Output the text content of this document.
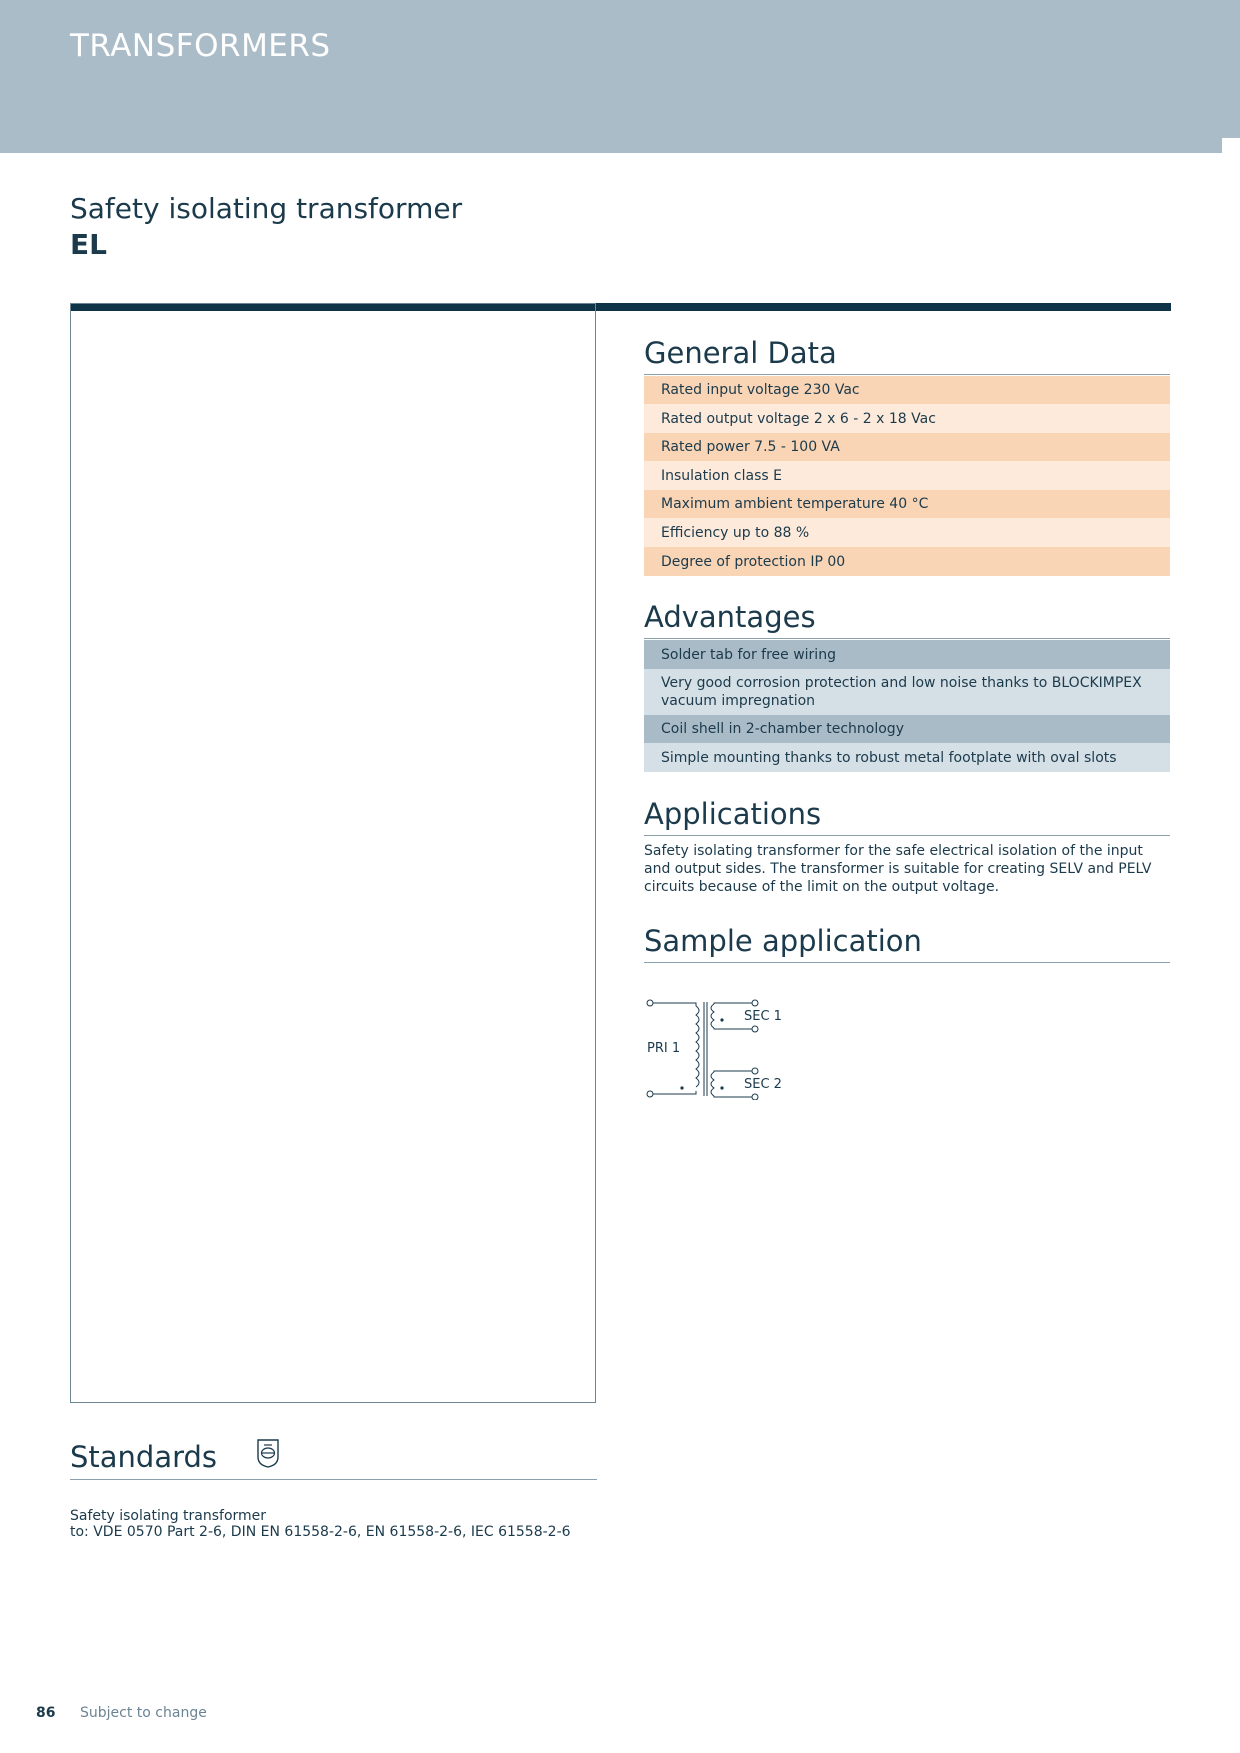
TRANSFORMERS
Safety isolating transformer
EL
General Data
Rated input voltage 230 Vac
Rated output voltage 2 x 6 - 2 x 18 Vac
Rated power 7.5 - 100 VA
Insulation class E
Maximum ambient temperature 40 °C
Efficiency up to 88 %
Degree of protection IP 00
Advantages
Solder tab for free wiring
Very good corrosion protection and low noise thanks to BLOCKIMPEX vacuum impregnation
Coil shell in 2-chamber technology
Simple mounting thanks to robust metal footplate with oval slots
Applications
Safety isolating transformer for the safe electrical isolation of the input and output sides. The transformer is suitable for creating SELV and PELV circuits because of the limit on the output voltage.
Sample application
PRI 1
SEC 1
SEC 2
Standards
Safety isolating transformer
to: VDE 0570 Part 2-6, DIN EN 61558-2-6, EN 61558-2-6, IEC 61558-2-6
86 Subject to change
